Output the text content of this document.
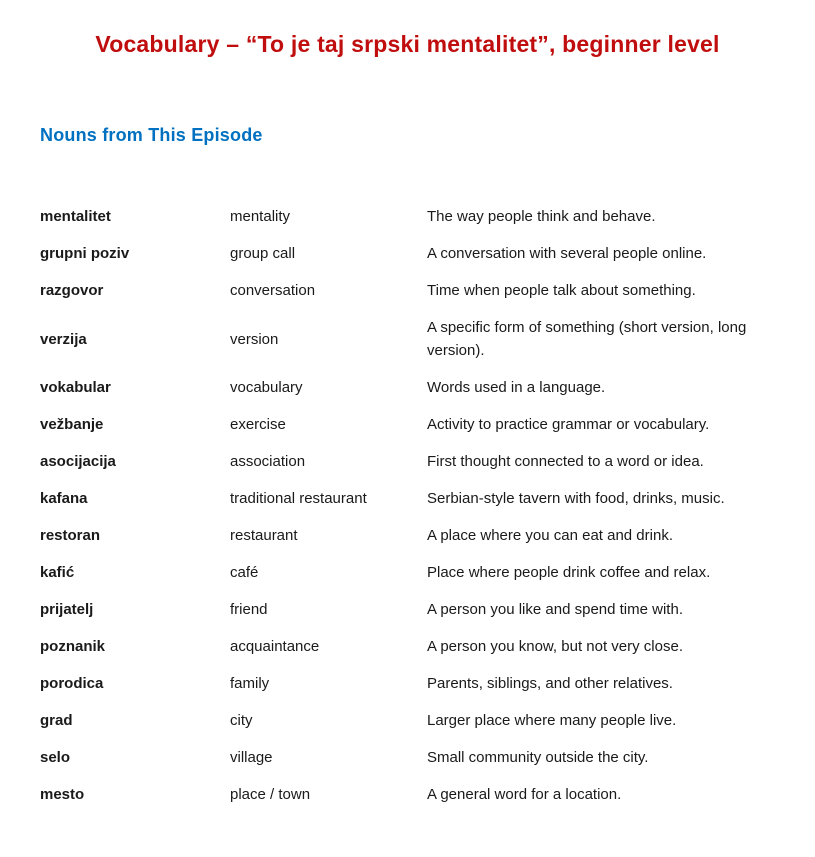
Vocabulary – “To je taj srpski mentalitet”, beginner level
Nouns from This Episode
mentalitet	mentality	The way people think and behave.
grupni poziv	group call	A conversation with several people online.
razgovor	conversation	Time when people talk about something.
verzija	version	A specific form of something (short version, long version).
vokabular	vocabulary	Words used in a language.
vežbanje	exercise	Activity to practice grammar or vocabulary.
asocijacija	association	First thought connected to a word or idea.
kafana	traditional restaurant	Serbian-style tavern with food, drinks, music.
restoran	restaurant	A place where you can eat and drink.
kafić	café	Place where people drink coffee and relax.
prijatelj	friend	A person you like and spend time with.
poznanik	acquaintance	A person you know, but not very close.
porodica	family	Parents, siblings, and other relatives.
grad	city	Larger place where many people live.
selo	village	Small community outside the city.
mesto	place / town	A general word for a location.
